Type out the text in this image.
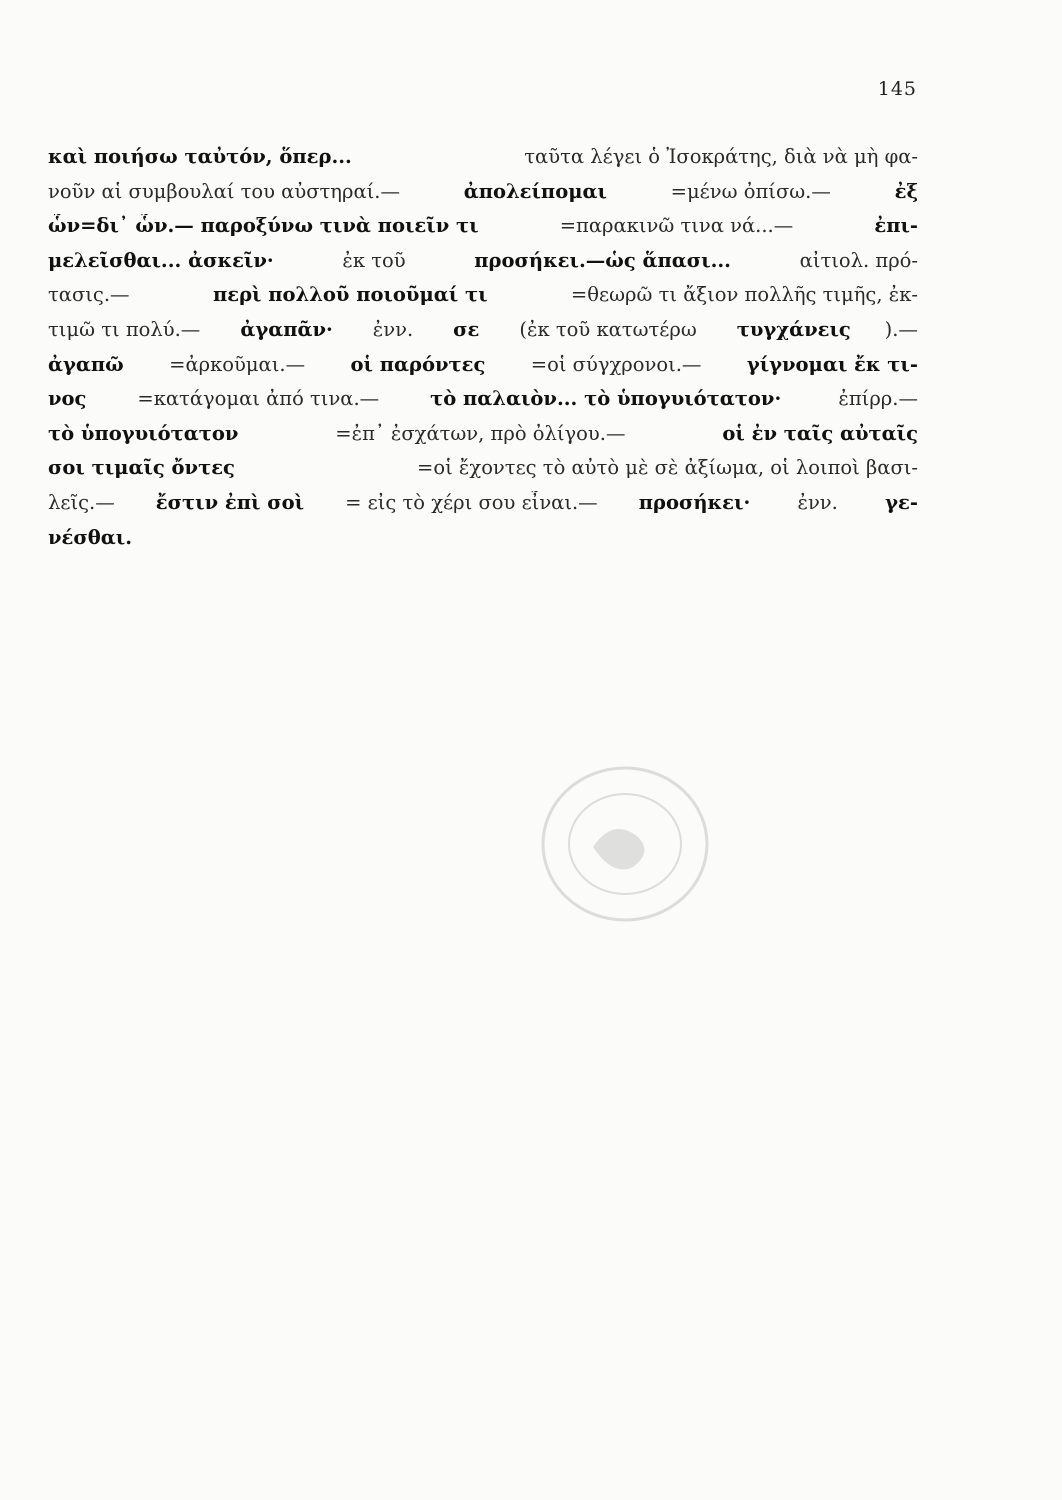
145
καὶ ποιήσω ταὐτόν, ὅπερ...	ταῦτα λέγει ὁ Ἰσοκράτης, διὰ νὰ μὴ φα-
νοῦν αἱ συμβουλαί του αὐστηραί.—	ἀπολείπομαι	=μένω ὀπίσω.—	ἐξ
ὧν=δι᾿ ὧν.— παροξύνω τινὰ ποιεῖν τι	=παρακινῶ τινα νά...—	ἐπι-
μελεῖσθαι... ἀσκεῖν·	ἐκ τοῦ	προσήκει.—ὡς ἅπασι...	αἰτιολ. πρό-
τασις.—	περὶ πολλοῦ ποιοῦμαί τι	=θεωρῶ τι ἄξιον πολλῆς τιμῆς, ἐκ-
τιμῶ τι πολύ.— ἀγαπᾶν· ἐνν. σε (ἐκ τοῦ κατωτέρω τυγχάνεις ).—
ἀγαπῶ =ἀρκοῦμαι.— οἱ παρόντες =οἱ σύγχρονοι.— γίγνομαι ἔκ τι-
νος	=κατάγομαι ἀπό τινα.—	τὸ παλαιὸν... τὸ ὑπογυιότατον·	ἐπίρρ.—
τὸ ὑπογυιότατον	=ἐπ᾿ ἐσχάτων, πρὸ ὀλίγου.—	οἱ ἐν ταῖς αὐταῖς
σοι τιμαῖς ὄντες	=οἱ ἔχοντες τὸ αὐτὸ μὲ σὲ ἀξίωμα, οἱ λοιποὶ βασι-
λεῖς.— ἔστιν ἐπὶ σοὶ = εἰς τὸ χέρι σου εἶναι.— προσήκει· ἐνν. γε-
νέσθαι.
